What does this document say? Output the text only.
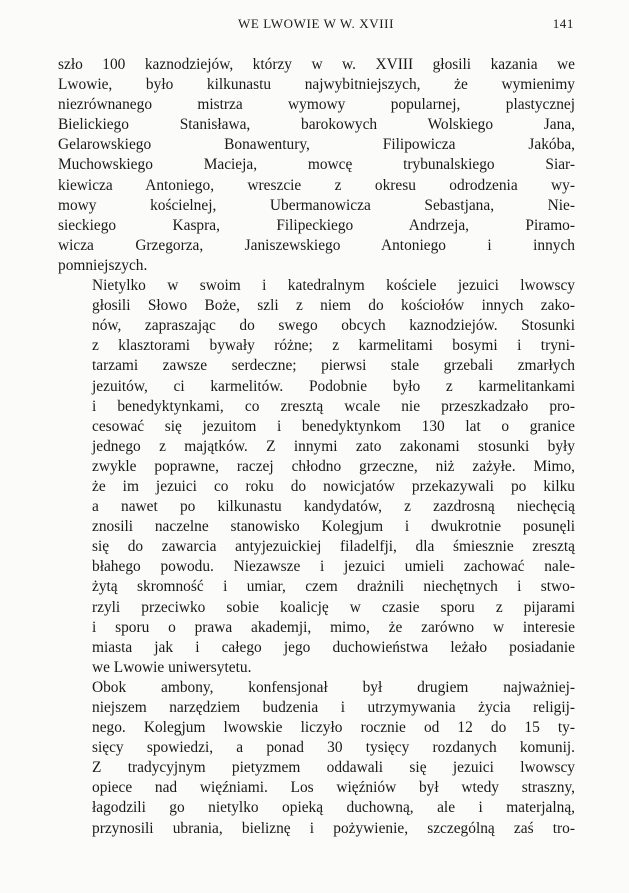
WE LWOWIE W W. XVIII	141

szło 100 kaznodziejów, którzy w w. XVIII głosili kazania we
Lwowie, było kilkunastu najwybitniejszych, że wymienimy
niezrównanego mistrza wymowy popularnej, plastycznej
Bielickiego Stanisława, barokowych Wolskiego Jana,
Gelarowskiego Bonawentury, Filipowicza Jakóba,
Muchowskiego Macieja, mowcę trybunalskiego Siar-
kiewicza Antoniego, wreszcie z okresu odrodzenia wy-
mowy kościelnej, Ubermanowicza Sebastjana, Nie-
sieckiego Kaspra, Filipeckiego Andrzeja, Piramo-
wicza Grzegorza, Janiszewskiego Antoniego i innych
pomniejszych.

Nietylko w swoim i katedralnym kościele jezuici lwowscy
głosili Słowo Boże, szli z niem do kościołów innych zako-
nów, zapraszając do swego obcych kaznodziejów. Stosunki
z klasztorami bywały różne; z karmelitami bosymi i tryni-
tarzami zawsze serdeczne; pierwsi stale grzebali zmarłych
jezuitów, ci karmelitów. Podobnie było z karmelitankami
i benedyktynkami, co zresztą wcale nie przeszkadzało pro-
cesować się jezuitom i benedyktynkom 130 lat o granice
jednego z majątków. Z innymi zato zakonami stosunki były
zwykle poprawne, raczej chłodno grzeczne, niż zażyłe. Mimo,
że im jezuici co roku do nowicjatów przekazywali po kilku
a nawet po kilkunastu kandydatów, z zazdrosną niechęcią
znosili naczelne stanowisko Kolegjum i dwukrotnie posunęli
się do zawarcia antyjezuickiej filadelfji, dla śmiesznie zresztą
błahego powodu. Niezawsze i jezuici umieli zachować nale-
żytą skromność i umiar, czem drażnili niechętnych i stwo-
rzyli przeciwko sobie koalicję w czasie sporu z pijarami
i sporu o prawa akademji, mimo, że zarówno w interesie
miasta jak i całego jego duchowieństwa leżało posiadanie
we Lwowie uniwersytetu.

Obok ambony, konfensjonał był drugiem najważniej-
niejszem narzędziem budzenia i utrzymywania życia religij-
nego. Kolegjum lwowskie liczyło rocznie od 12 do 15 ty-
sięcy spowiedzi, a ponad 30 tysięcy rozdanych komunij.
Z tradycyjnym pietyzmem oddawali się jezuici lwowscy
opiece nad więźniami. Los więźniów był wtedy straszny,
łagodzili go nietylko opieką duchowną, ale i materjalną,
przynosili ubrania, bieliznę i pożywienie, szczególną zaś tro-
